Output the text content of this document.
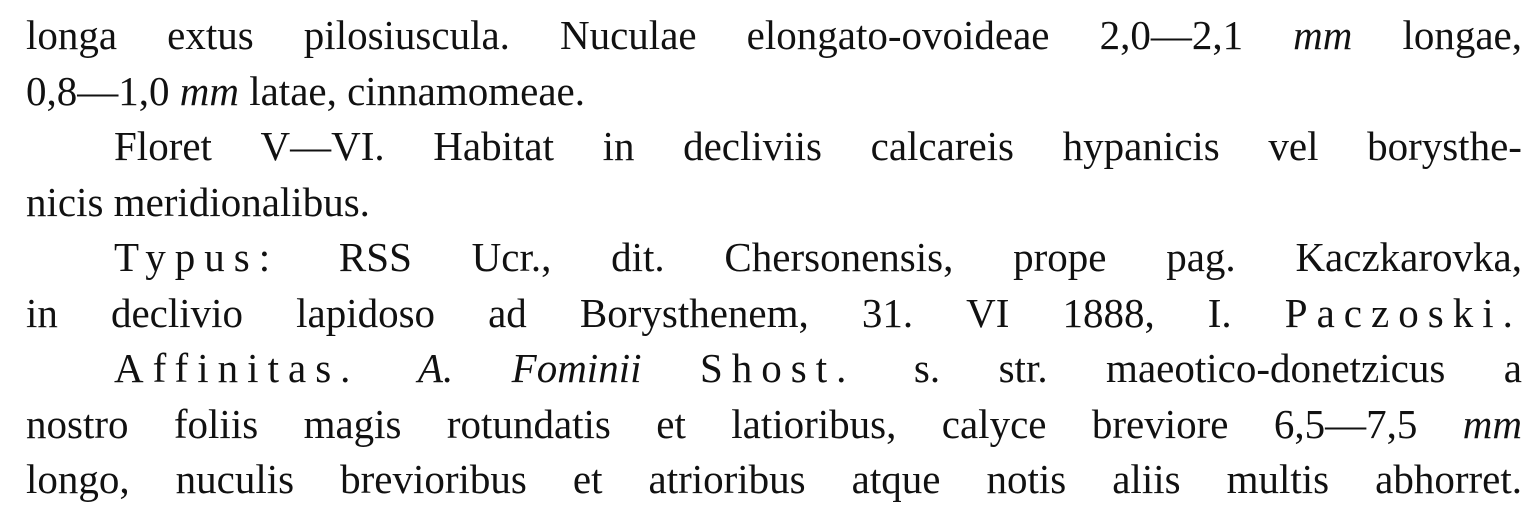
longa extus pilosiuscula. Nuculae elongato-ovoideae 2,0—2,1 mm longae,
0,8—1,0 mm latae, cinnamomeae.
Floret V—VI. Habitat in decliviis calcareis hypanicis vel borysthe-
nicis meridionalibus.
Typus: RSS Ucr., dit. Chersonensis, prope pag. Kaczkarovka,
in declivio lapidoso ad Borysthenem, 31. VI 1888, I. Paczoski.
Affinitas. A. Fominii Shost. s. str. maeotico-donetzicus a
nostro foliis magis rotundatis et latioribus, calyce breviore 6,5—7,5 mm
longo, nuculis brevioribus et atrioribus atque notis aliis multis abhorret.
